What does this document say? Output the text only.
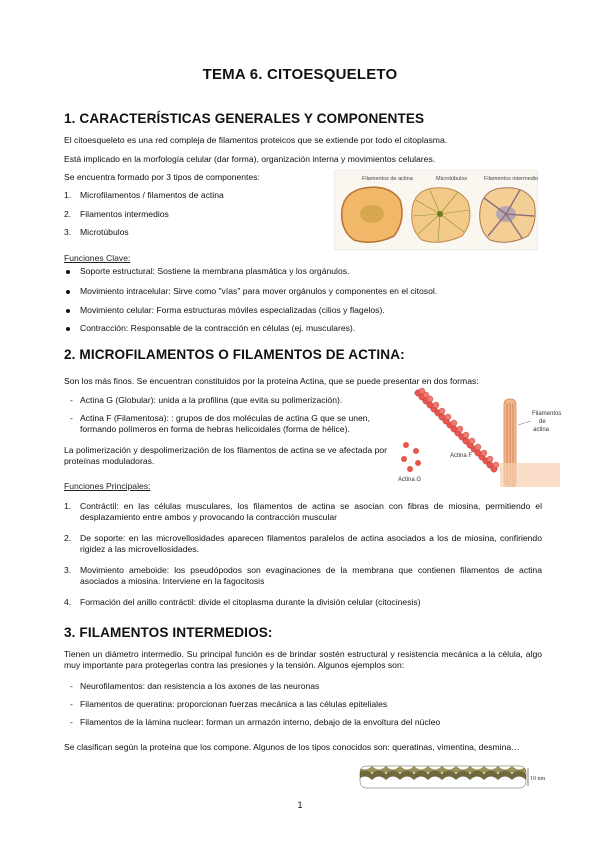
TEMA 6. CITOESQUELETO
1. CARACTERÍSTICAS GENERALES Y COMPONENTES
El citoesqueleto es una red compleja de filamentos proteicos que se extiende por todo el citoplasma.
Está implicado en la morfología celular (dar forma), organización interna y movimientos celulares.
Se encuentra formado por 3 tipos de componentes:
1. Microfilamentos / filamentos de actina
2. Filamentos intermedios
3. Microtúbulos
Filamentos de actina	Microtúbulos	Filamentos intermedios
Funciones Clave:
Soporte estructural: Sostiene la membrana plasmática y los orgánulos.
Movimiento intracelular: Sirve como "vías" para mover orgánulos y componentes en el citosol.
Movimiento celular: Forma estructuras móviles especializadas (cilios y flagelos).
Contracción: Responsable de la contracción en células (ej. musculares).
2. MICROFILAMENTOS O FILAMENTOS DE ACTINA:
Son los más finos. Se encuentran constituidos por la proteína Actina, que se puede presentar en dos formas:
- Actina G (Globular): unida a la profilina (que evita su polimerización).
- Actina F (Filamentosa): : grupos de dos moléculas de actina G que se unen, formando polímeros en forma de hebras helicoidales (forma de hélice).
La polimerización y despolimerización de los filamentos de actina se ve afectada por proteínas moduladoras.	Actina F
Actina G
Filamentos
de
actina
Funciones Principales:
1. Contráctil: en las células musculares, los filamentos de actina se asocian con fibras de miosina, permitiendo el desplazamiento entre ambos y provocando la contracción muscular
2. De soporte: en las microvellosidades aparecen filamentos paralelos de actina asociados a los de miosina, confiriendo rigidez a las microvellosidades.
3. Movimiento ameboide: los pseudópodos son evaginaciones de la membrana que contienen filamentos de actina asociados a miosina. Interviene en la fagocitosis
4. Formación del anillo contráctil: divide el citoplasma durante la división celular (citocinesis)
3. FILAMENTOS INTERMEDIOS:
Tienen un diámetro intermedio. Su principal función es de brindar sostén estructural y resistencia mecánica a la célula, algo muy importante para protegerlas contra las presiones y la tensión. Algunos ejemplos son:
- Neurofilamentos: dan resistencia a los axones de las neuronas
- Filamentos de queratina: proporcionan fuerzas mecánica a las células epiteliales
- Filamentos de la lámina nuclear: forman un armazón interno, debajo de la envoltura del núcleo
Se clasifican según la proteína que los compone. Algunos de los tipos conocidos son: queratinas, vimentina, desmina…
10 nm
1
